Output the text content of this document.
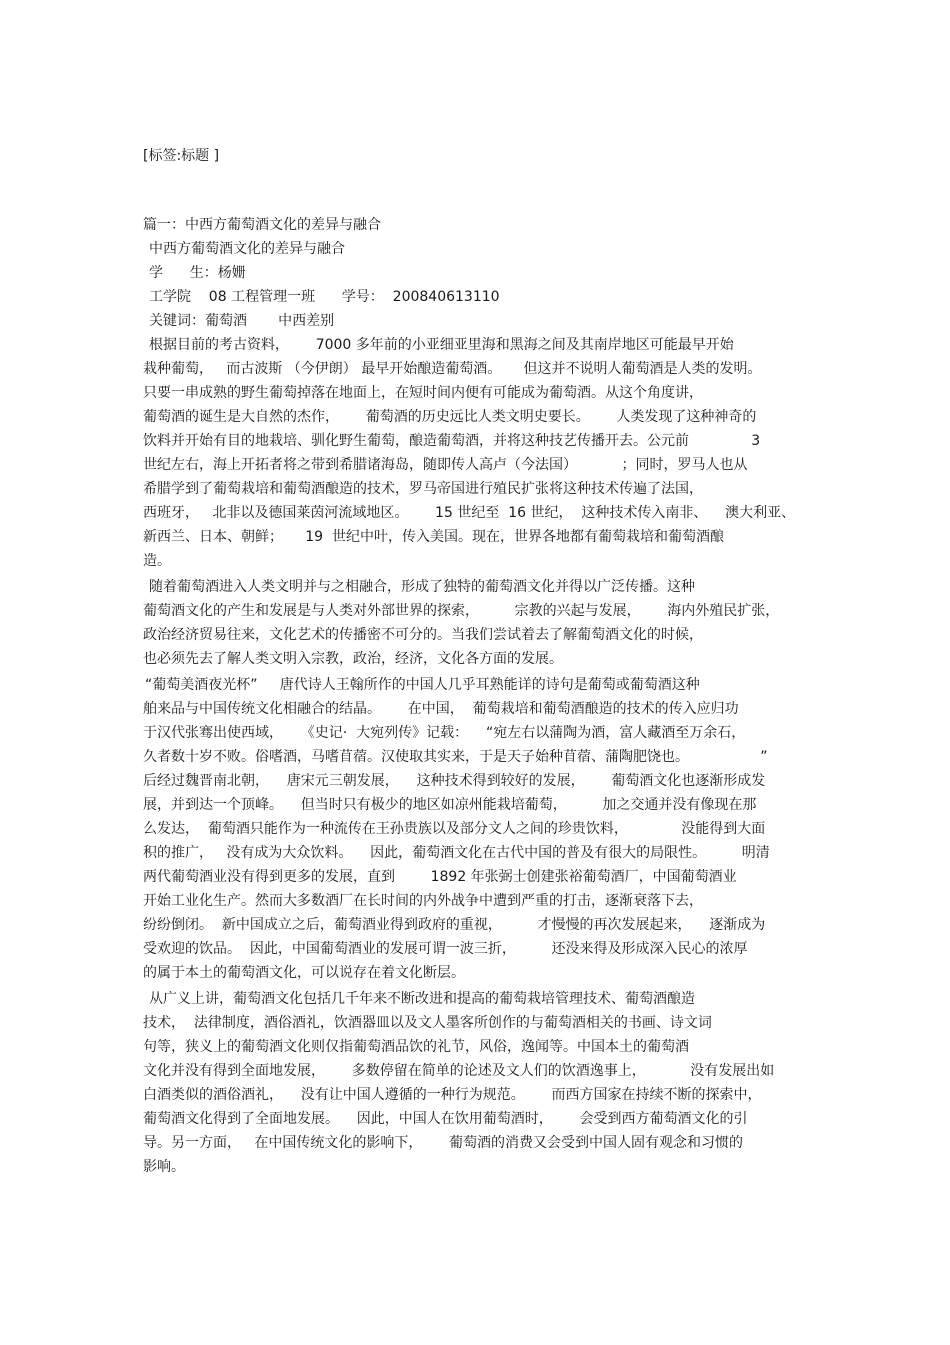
[标签:标题 ]
篇一：中西方葡萄酒文化的差异与融合
中西方葡萄酒文化的差异与融合
学      生：杨姗
工学院    08 工程管理一班      学号：  200840613110
关键词：葡萄酒       中西差别
根据目前的考古资料，      7000 多年前的小亚细亚里海和黑海之间及其南岸地区可能最早开始
栽种葡萄，   而古波斯 （今伊朗） 最早开始酿造葡萄酒。     但这并不说明人葡萄酒是人类的发明。
只要一串成熟的野生葡萄掉落在地面上，在短时间内便有可能成为葡萄酒。从这个角度讲，
葡萄酒的诞生是大自然的杰作，      葡萄酒的历史远比人类文明史要长。      人类发现了这种神奇的
饮料并开始有目的地栽培、驯化野生葡萄，酿造葡萄酒，并将这种技艺传播开去。公元前              3
世纪左右，海上开拓者将之带到希腊诸海岛，随即传人高卢（今法国）          ；同时，罗马人也从
希腊学到了葡萄栽培和葡萄酒酿造的技术，罗马帝国进行殖民扩张将这种技术传遍了法国，
西班牙，   北非以及德国莱茵河流域地区。      15 世纪至  16 世纪，  这种技术传入南非、    澳大利亚、
新西兰、日本、朝鲜；     19  世纪中叶，传入美国。现在，世界各地都有葡萄栽培和葡萄酒酿
造。
随着葡萄酒进入人类文明并与之相融合，形成了独特的葡萄酒文化并得以广泛传播。这种
葡萄酒文化的产生和发展是与人类对外部世界的探索，        宗教的兴起与发展，      海内外殖民扩张，
政治经济贸易往来，文化艺术的传播密不可分的。当我们尝试着去了解葡萄酒文化的时候，
也必须先去了解人类文明入宗教，政治，经济，文化各方面的发展。
“葡萄美酒夜光杯”     唐代诗人王翰所作的中国人几乎耳熟能详的诗句是葡萄或葡萄酒这种
舶来品与中国传统文化相融合的结晶。      在中国，  葡萄栽培和葡萄酒酿造的技术的传入应归功
于汉代张骞出使西域，    《史记·  大宛列传》记载：    “宛左右以蒲陶为酒，富人藏酒至万余石，
久者数十岁不败。俗嗜酒，马嗜苜蓿。汉使取其实来，于是天子始种苜蓿、蒲陶肥饶也。                ”
后经过魏晋南北朝，    唐宋元三朝发展，    这种技术得到较好的发展，      葡萄酒文化也逐渐形成发
展，并到达一个顶峰。    但当时只有极少的地区如凉州能栽培葡萄，        加之交通并没有像现在那
么发达，  葡萄酒只能作为一种流传在王孙贵族以及部分文人之间的珍贵饮料，            没能得到大面
积的推广，   没有成为大众饮料。    因此，葡萄酒文化在古代中国的普及有很大的局限性。        明清
两代葡萄酒业没有得到更多的发展，直到        1892 年张弼士创建张裕葡萄酒厂，中国葡萄酒业
开始工业化生产。然而大多数酒厂在长时间的内外战争中遭到严重的打击，逐渐衰落下去，
纷纷倒闭。  新中国成立之后，葡萄酒业得到政府的重视，        才慢慢的再次发展起来，    逐渐成为
受欢迎的饮品。  因此，中国葡萄酒业的发展可谓一波三折，        还没来得及形成深入民心的浓厚
的属于本土的葡萄酒文化，可以说存在着文化断层。
从广义上讲，葡萄酒文化包括几千年来不断改进和提高的葡萄栽培管理技术、葡萄酒酿造
技术，  法律制度，酒俗酒礼，饮酒器皿以及文人墨客所创作的与葡萄酒相关的书画、诗文词
句等，狭义上的葡萄酒文化则仅指葡萄酒品饮的礼节，风俗，逸闻等。中国本土的葡萄酒
文化并没有得到全面地发展，      多数停留在简单的论述及文人们的饮酒逸事上，          没有发展出如
白酒类似的酒俗酒礼，    没有让中国人遵循的一种行为规范。      而西方国家在持续不断的探索中，
葡萄酒文化得到了全面地发展。    因此，中国人在饮用葡萄酒时，      会受到西方葡萄酒文化的引
导。另一方面，   在中国传统文化的影响下，      葡萄酒的消费又会受到中国人固有观念和习惯的
影响。
